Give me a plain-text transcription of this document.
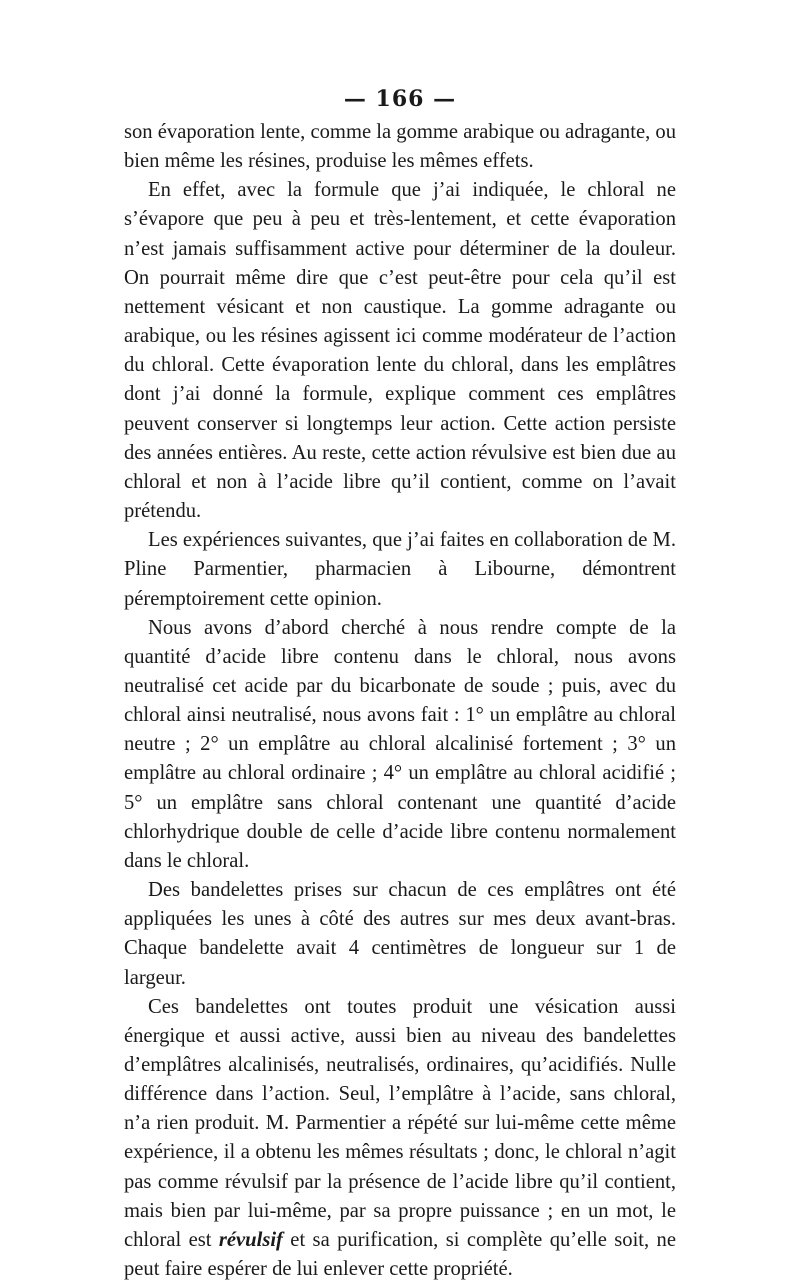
— 166 —

son évaporation lente, comme la gomme arabique ou adragante, ou bien même les résines, produise les mêmes effets.

En effet, avec la formule que j’ai indiquée, le chloral ne s’évapore que peu à peu et très-lentement, et cette évaporation n’est jamais suffisamment active pour déterminer de la douleur. On pourrait même dire que c’est peut-être pour cela qu’il est nettement vésicant et non caustique. La gomme adragante ou arabique, ou les résines agissent ici comme modérateur de l’action du chloral. Cette évaporation lente du chloral, dans les emplâtres dont j’ai donné la formule, explique comment ces emplâtres peuvent conserver si longtemps leur action. Cette action persiste des années entières. Au reste, cette action révulsive est bien due au chloral et non à l’acide libre qu’il contient, comme on l’avait prétendu.

Les expériences suivantes, que j’ai faites en collaboration de M. Pline Parmentier, pharmacien à Libourne, démontrent péremptoirement cette opinion.

Nous avons d’abord cherché à nous rendre compte de la quantité d’acide libre contenu dans le chloral, nous avons neutralisé cet acide par du bicarbonate de soude ; puis, avec du chloral ainsi neutralisé, nous avons fait : 1° un emplâtre au chloral neutre ; 2° un emplâtre au chloral alcalinisé fortement ; 3° un emplâtre au chloral ordinaire ; 4° un emplâtre au chloral acidifié ; 5° un emplâtre sans chloral contenant une quantité d’acide chlorhydrique double de celle d’acide libre contenu normalement dans le chloral.

Des bandelettes prises sur chacun de ces emplâtres ont été appliquées les unes à côté des autres sur mes deux avant-bras. Chaque bandelette avait 4 centimètres de longueur sur 1 de largeur.

Ces bandelettes ont toutes produit une vésication aussi énergique et aussi active, aussi bien au niveau des bandelettes d’emplâtres alcalinisés, neutralisés, ordinaires, qu’acidifiés. Nulle différence dans l’action. Seul, l’emplâtre à l’acide, sans chloral, n’a rien produit. M. Parmentier a répété sur lui-même cette même expérience, il a obtenu les mêmes résultats ; donc, le chloral n’agit pas comme révulsif par la présence de l’acide libre qu’il contient, mais bien par lui-même, par sa propre puissance ; en un mot, le chloral est révulsif et sa purification, si complète qu’elle soit, ne peut faire espérer de lui enlever cette propriété.
